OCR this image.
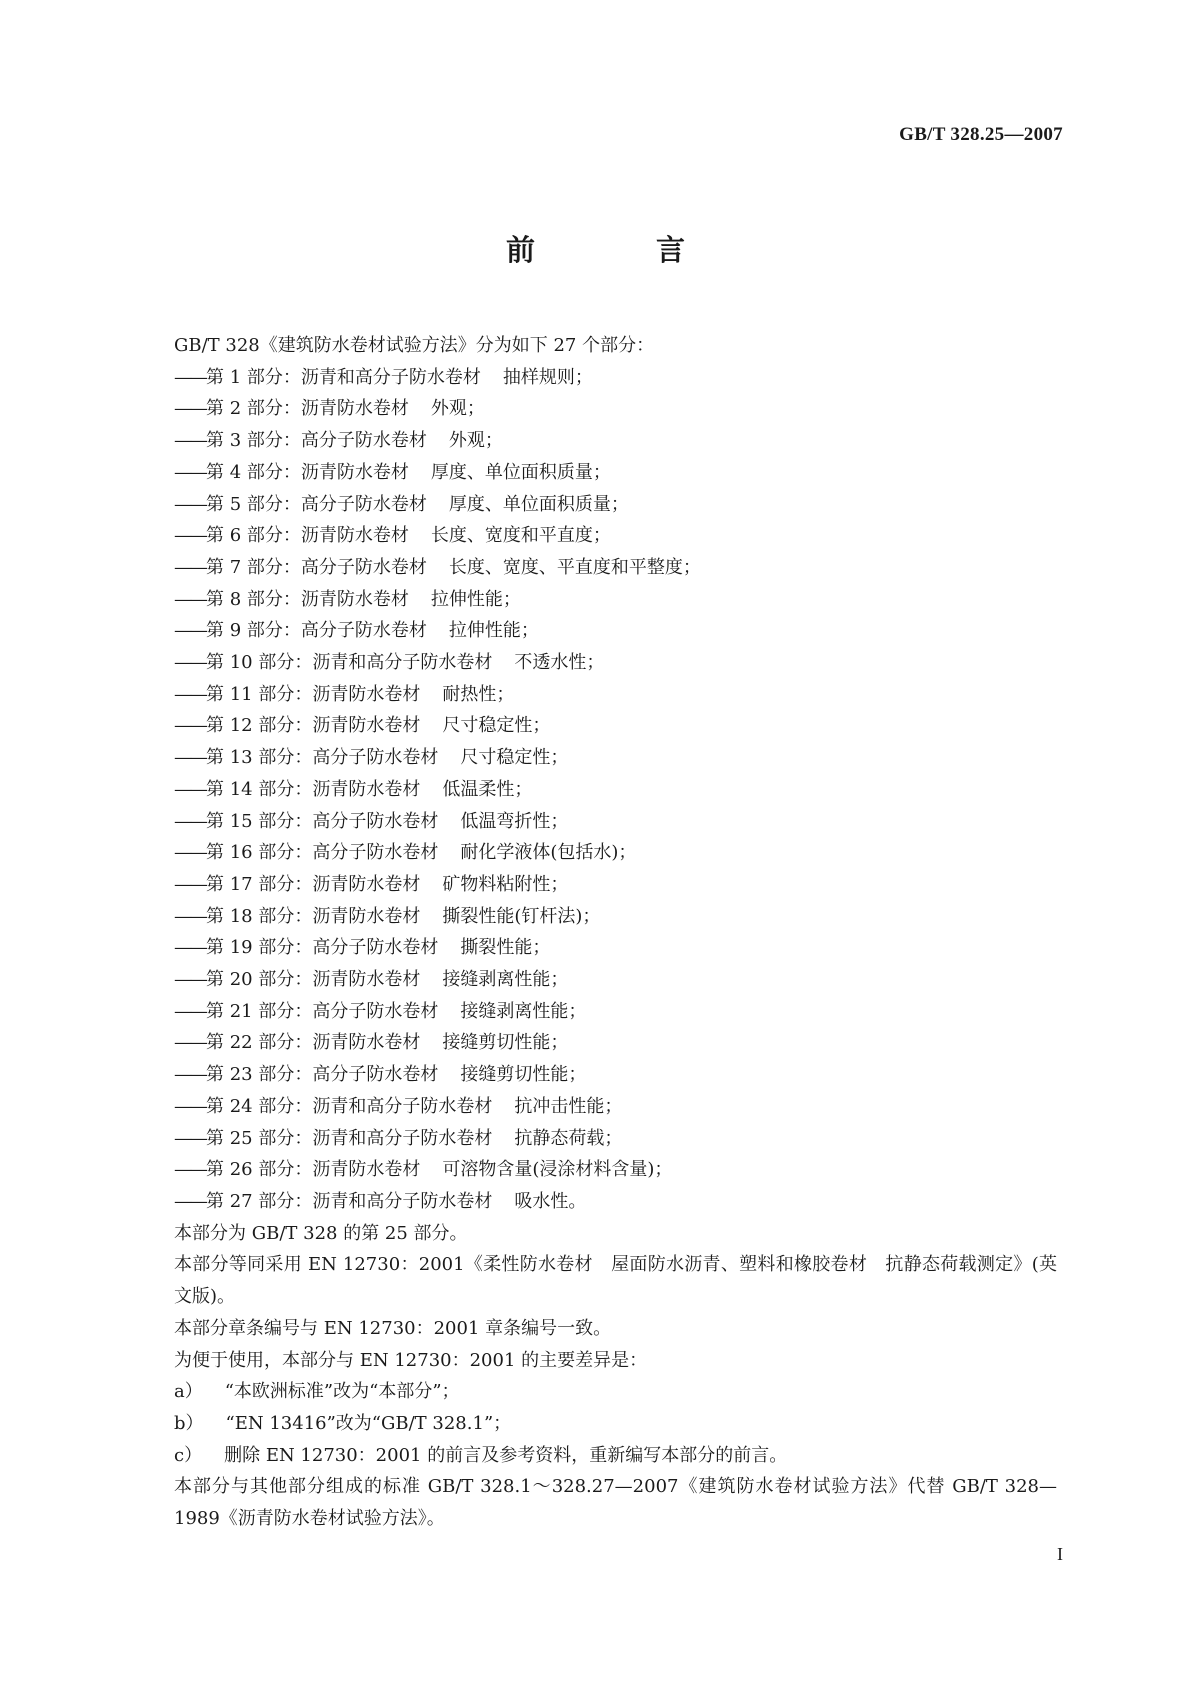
GB/T 328.25—2007
前　言

GB/T 328《建筑防水卷材试验方法》分为如下 27 个部分：

——第 1 部分：沥青和高分子防水卷材 抽样规则；
——第 2 部分：沥青防水卷材 外观；
——第 3 部分：高分子防水卷材 外观；
——第 4 部分：沥青防水卷材 厚度、单位面积质量；
——第 5 部分：高分子防水卷材 厚度、单位面积质量；
——第 6 部分：沥青防水卷材 长度、宽度和平直度；
——第 7 部分：高分子防水卷材 长度、宽度、平直度和平整度；
——第 8 部分：沥青防水卷材 拉伸性能；
——第 9 部分：高分子防水卷材 拉伸性能；
——第 10 部分：沥青和高分子防水卷材 不透水性；
——第 11 部分：沥青防水卷材 耐热性；
——第 12 部分：沥青防水卷材 尺寸稳定性；
——第 13 部分：高分子防水卷材 尺寸稳定性；
——第 14 部分：沥青防水卷材 低温柔性；
——第 15 部分：高分子防水卷材 低温弯折性；
——第 16 部分：高分子防水卷材 耐化学液体(包括水)；
——第 17 部分：沥青防水卷材 矿物料粘附性；
——第 18 部分：沥青防水卷材 撕裂性能(钉杆法)；
——第 19 部分：高分子防水卷材 撕裂性能；
——第 20 部分：沥青防水卷材 接缝剥离性能；
——第 21 部分：高分子防水卷材 接缝剥离性能；
——第 22 部分：沥青防水卷材 接缝剪切性能；
——第 23 部分：高分子防水卷材 接缝剪切性能；
——第 24 部分：沥青和高分子防水卷材 抗冲击性能；
——第 25 部分：沥青和高分子防水卷材 抗静态荷载；
——第 26 部分：沥青防水卷材 可溶物含量(浸涂材料含量)；
——第 27 部分：沥青和高分子防水卷材 吸水性。

本部分为 GB/T 328 的第 25 部分。

本部分等同采用 EN 12730：2001《柔性防水卷材　屋面防水沥青、塑料和橡胶卷材　抗静态荷载测定》(英文版)。

本部分章条编号与 EN 12730：2001 章条编号一致。

为便于使用，本部分与 EN 12730：2001 的主要差异是：

a） “本欧洲标准”改为“本部分”；
b） “EN 13416”改为“GB/T 328.1”；
c） 删除 EN 12730：2001 的前言及参考资料，重新编写本部分的前言。

本部分与其他部分组成的标准 GB/T 328.1～328.27—2007《建筑防水卷材试验方法》代替 GB/T 328—1989《沥青防水卷材试验方法》。

I
